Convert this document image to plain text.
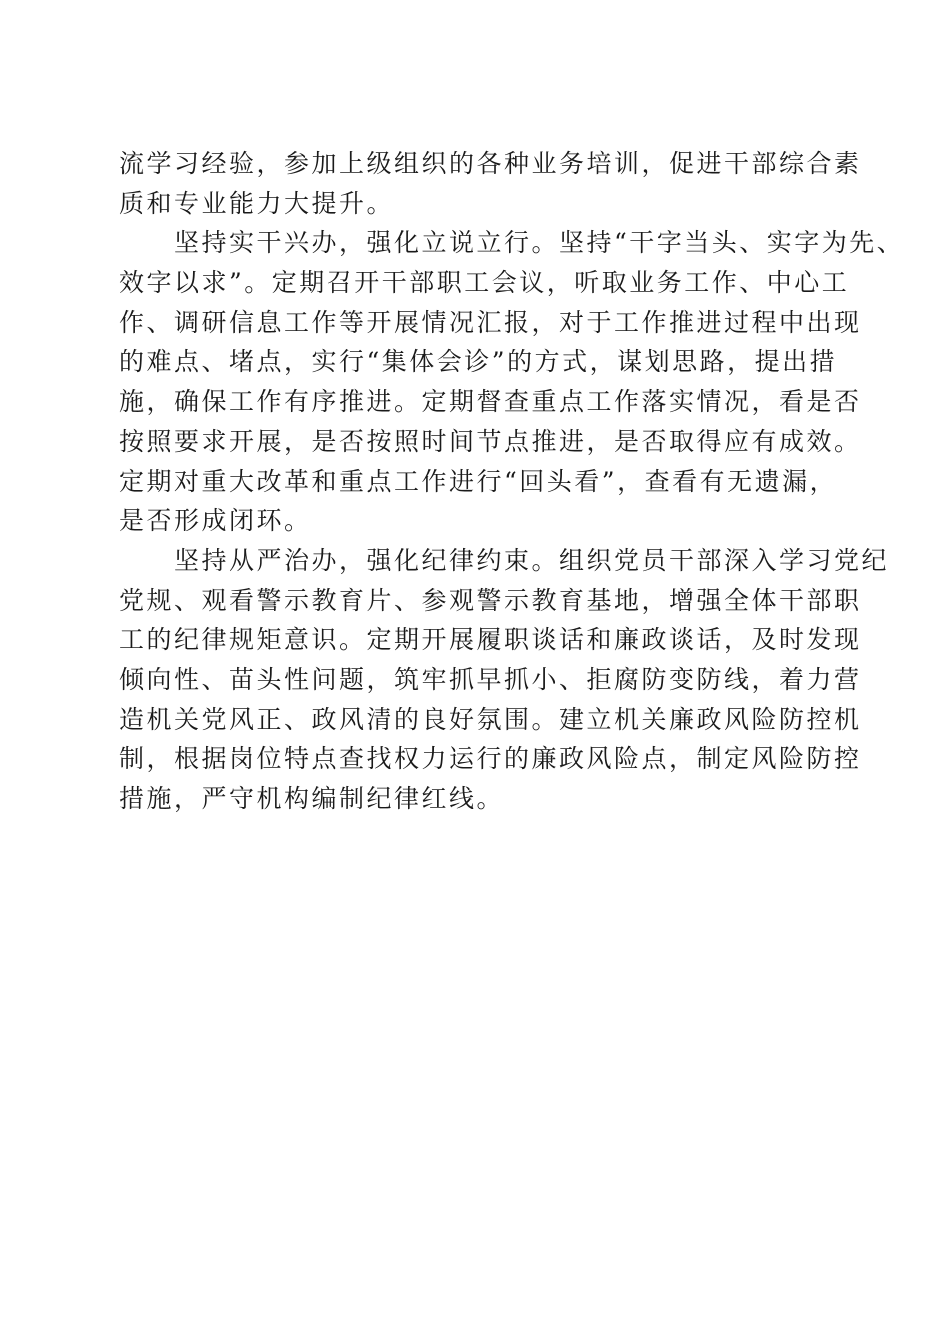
流学习经验，参加上级组织的各种业务培训，促进干部综合素
质和专业能力大提升。
　　坚持实干兴办，强化立说立行。坚持“干字当头、实字为先、
效字以求”。定期召开干部职工会议，听取业务工作、中心工
作、调研信息工作等开展情况汇报，对于工作推进过程中出现
的难点、堵点，实行“集体会诊”的方式，谋划思路，提出措
施，确保工作有序推进。定期督查重点工作落实情况，看是否
按照要求开展，是否按照时间节点推进，是否取得应有成效。
定期对重大改革和重点工作进行“回头看”，查看有无遗漏，
是否形成闭环。
　　坚持从严治办，强化纪律约束。组织党员干部深入学习党纪
党规、观看警示教育片、参观警示教育基地，增强全体干部职
工的纪律规矩意识。定期开展履职谈话和廉政谈话，及时发现
倾向性、苗头性问题，筑牢抓早抓小、拒腐防变防线，着力营
造机关党风正、政风清的良好氛围。建立机关廉政风险防控机
制，根据岗位特点查找权力运行的廉政风险点，制定风险防控
措施，严守机构编制纪律红线。
